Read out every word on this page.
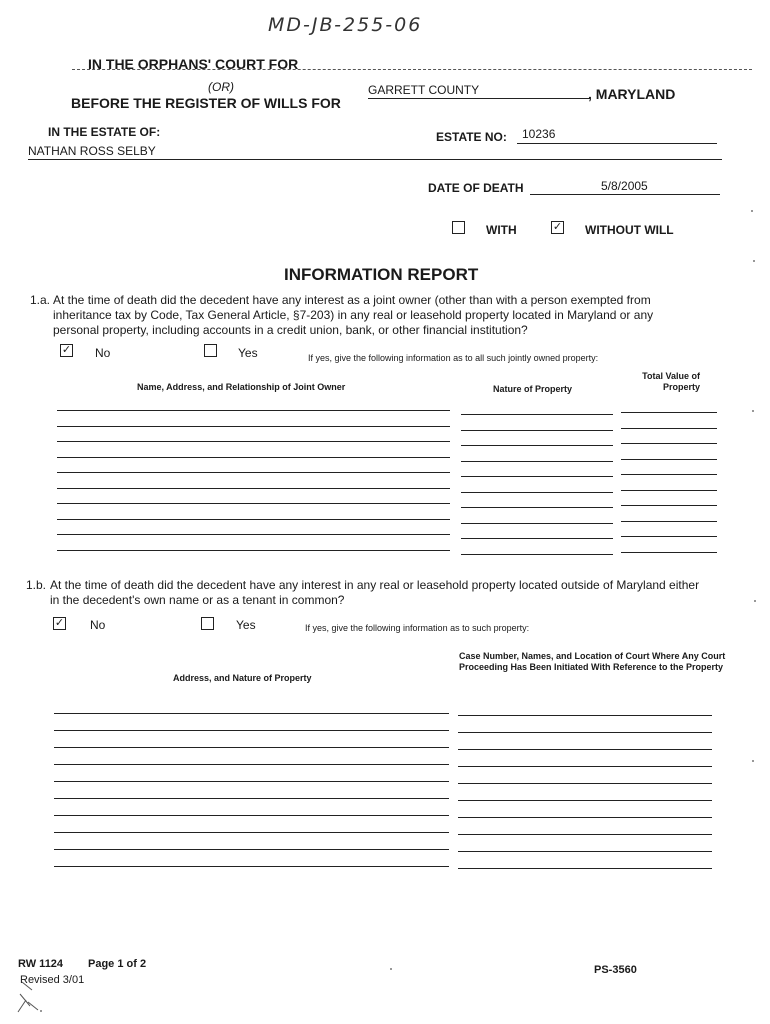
MD-JB-255-06
IN THE ORPHANS' COURT FOR
(OR)
BEFORE THE REGISTER OF WILLS FOR
GARRETT COUNTY	, MARYLAND
IN THE ESTATE OF:
NATHAN ROSS SELBY
ESTATE NO: 10236
DATE OF DEATH	5/8/2005
WITH	✓ WITHOUT WILL
INFORMATION REPORT
1.a. At the time of death did the decedent have any interest as a joint owner (other than with a person exempted from inheritance tax by Code, Tax General Article, §7-203) in any real or leasehold property located in Maryland or any personal property, including accounts in a credit union, bank, or other financial institution?
✓ No	Yes	If yes, give the following information as to all such jointly owned property:
Name, Address, and Relationship of Joint Owner	Nature of Property
Total Value of Property
1.b. At the time of death did the decedent have any interest in any real or leasehold property located outside of Maryland either in the decedent's own name or as a tenant in common?
✓ No	Yes	If yes, give the following information as to such property:
Address, and Nature of Property
Case Number, Names, and Location of Court Where Any Court Proceeding Has Been Initiated With Reference to the Property
RW 1124 Page 1 of 2
Revised 3/01
PS-3560
